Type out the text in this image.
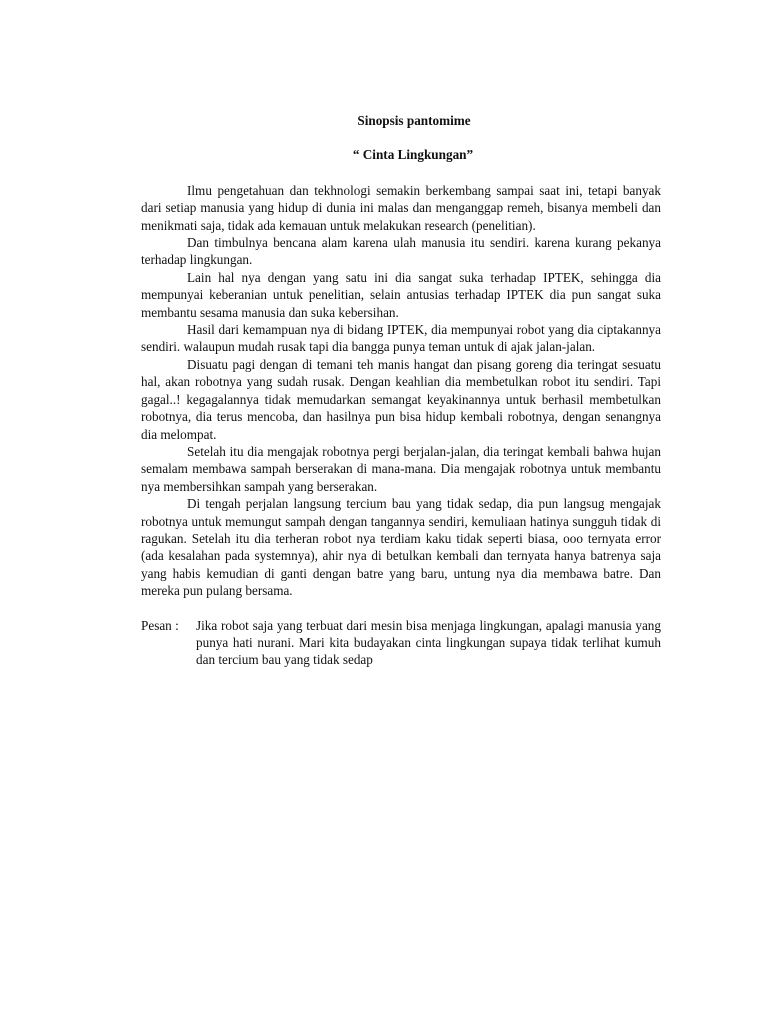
Sinopsis pantomime
“ Cinta Lingkungan”

Ilmu pengetahuan dan tekhnologi semakin berkembang sampai saat ini, tetapi banyak dari setiap manusia yang hidup di dunia ini malas dan menganggap remeh, bisanya membeli dan menikmati saja, tidak ada kemauan untuk melakukan research (penelitian).

Dan timbulnya bencana alam karena ulah manusia itu sendiri. karena kurang pekanya terhadap lingkungan.

Lain hal nya dengan yang satu ini dia sangat suka terhadap IPTEK, sehingga dia mempunyai keberanian untuk penelitian, selain antusias terhadap IPTEK dia pun sangat suka membantu sesama manusia dan suka kebersihan.

Hasil dari kemampuan nya di bidang IPTEK, dia mempunyai robot yang dia ciptakannya sendiri. walaupun mudah rusak tapi dia bangga punya teman untuk di ajak jalan-jalan.

Disuatu pagi dengan di temani teh manis hangat dan pisang goreng dia teringat sesuatu hal, akan robotnya yang sudah rusak. Dengan keahlian dia membetulkan robot itu sendiri. Tapi gagal..! kegagalannya tidak memudarkan semangat keyakinannya untuk berhasil membetulkan robotnya, dia terus mencoba, dan hasilnya pun bisa hidup kembali robotnya, dengan senangnya dia melompat.

Setelah itu dia mengajak robotnya pergi berjalan-jalan, dia teringat kembali bahwa hujan semalam membawa sampah berserakan di mana-mana. Dia mengajak robotnya untuk membantu nya membersihkan sampah yang berserakan.

Di tengah perjalan langsung tercium bau yang tidak sedap, dia pun langsug mengajak robotnya untuk memungut sampah dengan tangannya sendiri, kemuliaan hatinya sungguh tidak di ragukan. Setelah itu dia terheran robot nya terdiam kaku tidak seperti biasa, ooo ternyata error (ada kesalahan pada systemnya), ahir nya di betulkan kembali dan ternyata hanya batrenya saja yang habis kemudian di ganti dengan batre yang baru, untung nya dia membawa batre. Dan mereka pun pulang bersama.

Pesan :	Jika robot saja yang terbuat dari mesin bisa menjaga lingkungan, apalagi manusia yang punya hati nurani. Mari kita budayakan cinta lingkungan supaya tidak terlihat kumuh dan tercium bau yang tidak sedap
